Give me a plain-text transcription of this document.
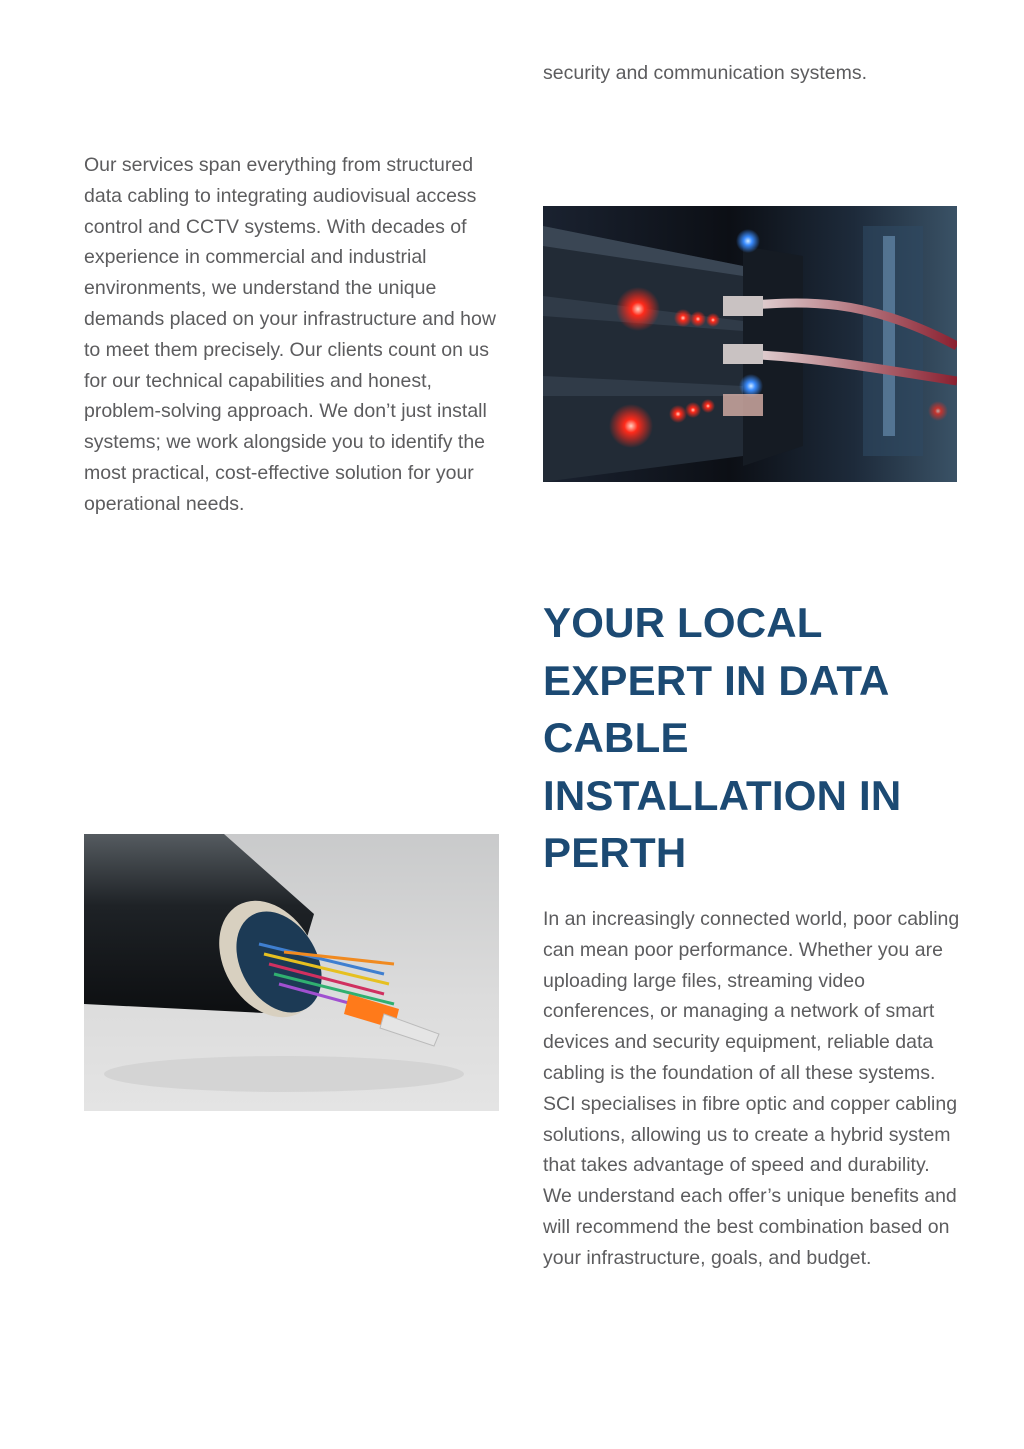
security and communication systems.

Our services span everything from structured data cabling to integrating audiovisual access control and CCTV systems. With decades of experience in commercial and industrial environments, we understand the unique demands placed on your infrastructure and how to meet them precisely. Our clients count on us for our technical capabilities and honest, problem-solving approach. We don’t just install systems; we work alongside you to identify the most practical, cost-effective solution for your operational needs.

YOUR LOCAL EXPERT IN DATA CABLE INSTALLATION IN PERTH

In an increasingly connected world, poor cabling can mean poor performance. Whether you are uploading large files, streaming video conferences, or managing a network of smart devices and security equipment, reliable data cabling is the foundation of all these systems. SCI specialises in fibre optic and copper cabling solutions, allowing us to create a hybrid system that takes advantage of speed and durability. We understand each offer’s unique benefits and will recommend the best combination based on your infrastructure, goals, and budget.
